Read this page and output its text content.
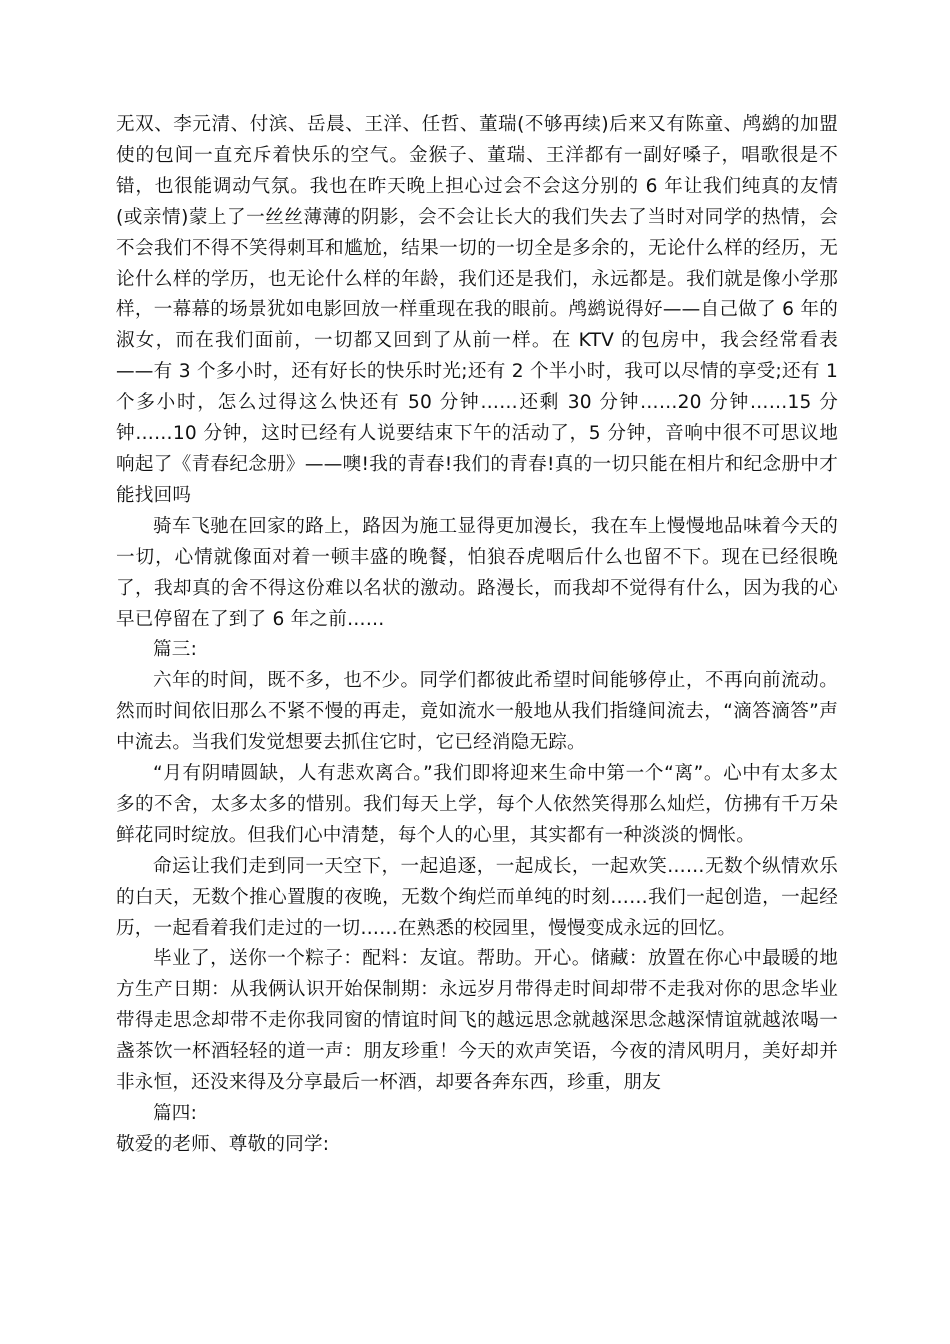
无双、李元清、付滨、岳晨、王洋、任哲、董瑞(不够再续)后来又有陈童、鸬鹚的加盟使的包间一直充斥着快乐的空气。金猴子、董瑞、王洋都有一副好嗓子，唱歌很是不错，也很能调动气氛。我也在昨天晚上担心过会不会这分别的 6 年让我们纯真的友情(或亲情)蒙上了一丝丝薄薄的阴影，会不会让长大的我们失去了当时对同学的热情，会不会我们不得不笑得刺耳和尴尬，结果一切的一切全是多余的，无论什么样的经历，无论什么样的学历，也无论什么样的年龄，我们还是我们，永远都是。我们就是像小学那样，一幕幕的场景犹如电影回放一样重现在我的眼前。鸬鹚说得好——自己做了 6 年的淑女，而在我们面前，一切都又回到了从前一样。在 KTV 的包房中，我会经常看表——有 3 个多小时，还有好长的快乐时光;还有 2 个半小时，我可以尽情的享受;还有 1 个多小时，怎么过得这么快还有 50 分钟……还剩 30 分钟……20 分钟……15 分钟……10 分钟，这时已经有人说要结束下午的活动了，5 分钟，音响中很不可思议地响起了《青春纪念册》——噢!我的青春!我们的青春!真的一切只能在相片和纪念册中才能找回吗

骑车飞驰在回家的路上，路因为施工显得更加漫长，我在车上慢慢地品味着今天的一切，心情就像面对着一顿丰盛的晚餐，怕狼吞虎咽后什么也留不下。现在已经很晚了，我却真的舍不得这份难以名状的激动。路漫长，而我却不觉得有什么，因为我的心早已停留在了到了 6 年之前……

篇三:

六年的时间，既不多，也不少。同学们都彼此希望时间能够停止，不再向前流动。然而时间依旧那么不紧不慢的再走，竟如流水一般地从我们指缝间流去，“滴答滴答”声中流去。当我们发觉想要去抓住它时，它已经消隐无踪。

“月有阴晴圆缺，人有悲欢离合。”我们即将迎来生命中第一个“离”。心中有太多太多的不舍，太多太多的惜别。我们每天上学，每个人依然笑得那么灿烂，仿拂有千万朵鲜花同时绽放。但我们心中清楚，每个人的心里，其实都有一种淡淡的惆怅。

命运让我们走到同一天空下，一起追逐，一起成长，一起欢笑……无数个纵情欢乐的白天，无数个推心置腹的夜晚，无数个绚烂而单纯的时刻……我们一起创造，一起经历，一起看着我们走过的一切……在熟悉的校园里，慢慢变成永远的回忆。

毕业了，送你一个粽子：配料：友谊。帮助。开心。储藏：放置在你心中最暖的地方生产日期：从我俩认识开始保制期：永远岁月带得走时间却带不走我对你的思念毕业带得走思念却带不走你我同窗的情谊时间飞的越远思念就越深思念越深情谊就越浓喝一盏茶饮一杯酒轻轻的道一声：朋友珍重！今天的欢声笑语，今夜的清风明月，美好却并非永恒，还没来得及分享最后一杯酒，却要各奔东西，珍重，朋友

篇四:

敬爱的老师、尊敬的同学:
